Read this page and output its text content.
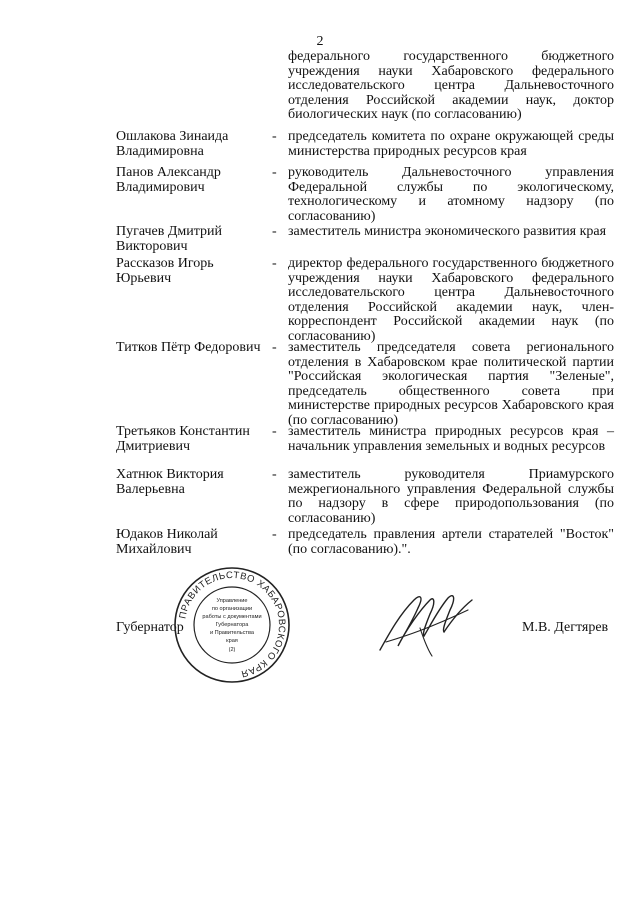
2
федерального государственного бюджетного учреждения науки Хабаровского федерального исследовательского центра Дальневосточного отделения Российской академии наук, доктор биологических наук (по согласованию)
Ошлакова Зинаида Владимировна
- председатель комитета по охране окружающей среды министерства природных ресурсов края
Панов Александр Владимирович
- руководитель Дальневосточного управления Федеральной службы по экологическому, технологическому и атомному надзору (по согласованию)
Пугачев Дмитрий Викторович
- заместитель министра экономического развития края
Рассказов Игорь Юрьевич
- директор федерального государственного бюджетного учреждения науки Хабаровского федерального исследовательского центра Дальневосточного отделения Российской академии наук, член-корреспондент Российской академии наук (по согласованию)
Титков Пётр Федорович - заместитель председателя совета регионального отделения в Хабаровском крае политической партии "Российская экологическая партия "Зеленые", председатель общественного совета при министерстве природных ресурсов Хабаровского края (по согласованию)
Третьяков Константин Дмитриевич
- заместитель министра природных ресурсов края – начальник управления земельных и водных ресурсов
Хатнюк Виктория Валерьевна
- заместитель руководителя Приамурского межрегионального управления Федеральной службы по надзору в сфере природопользования (по согласованию)
Юдаков Николай Михайлович
- председатель правления артели старателей "Восток" (по согласованию).".
Губернатор
ПРАВИТЕЛЬСТВО ХАБАРОВСКОГО КРАЯ
Управление
по организации
работы с документами
Губернатора
и Правительства
края
(2)
М.В. Дегтярев
